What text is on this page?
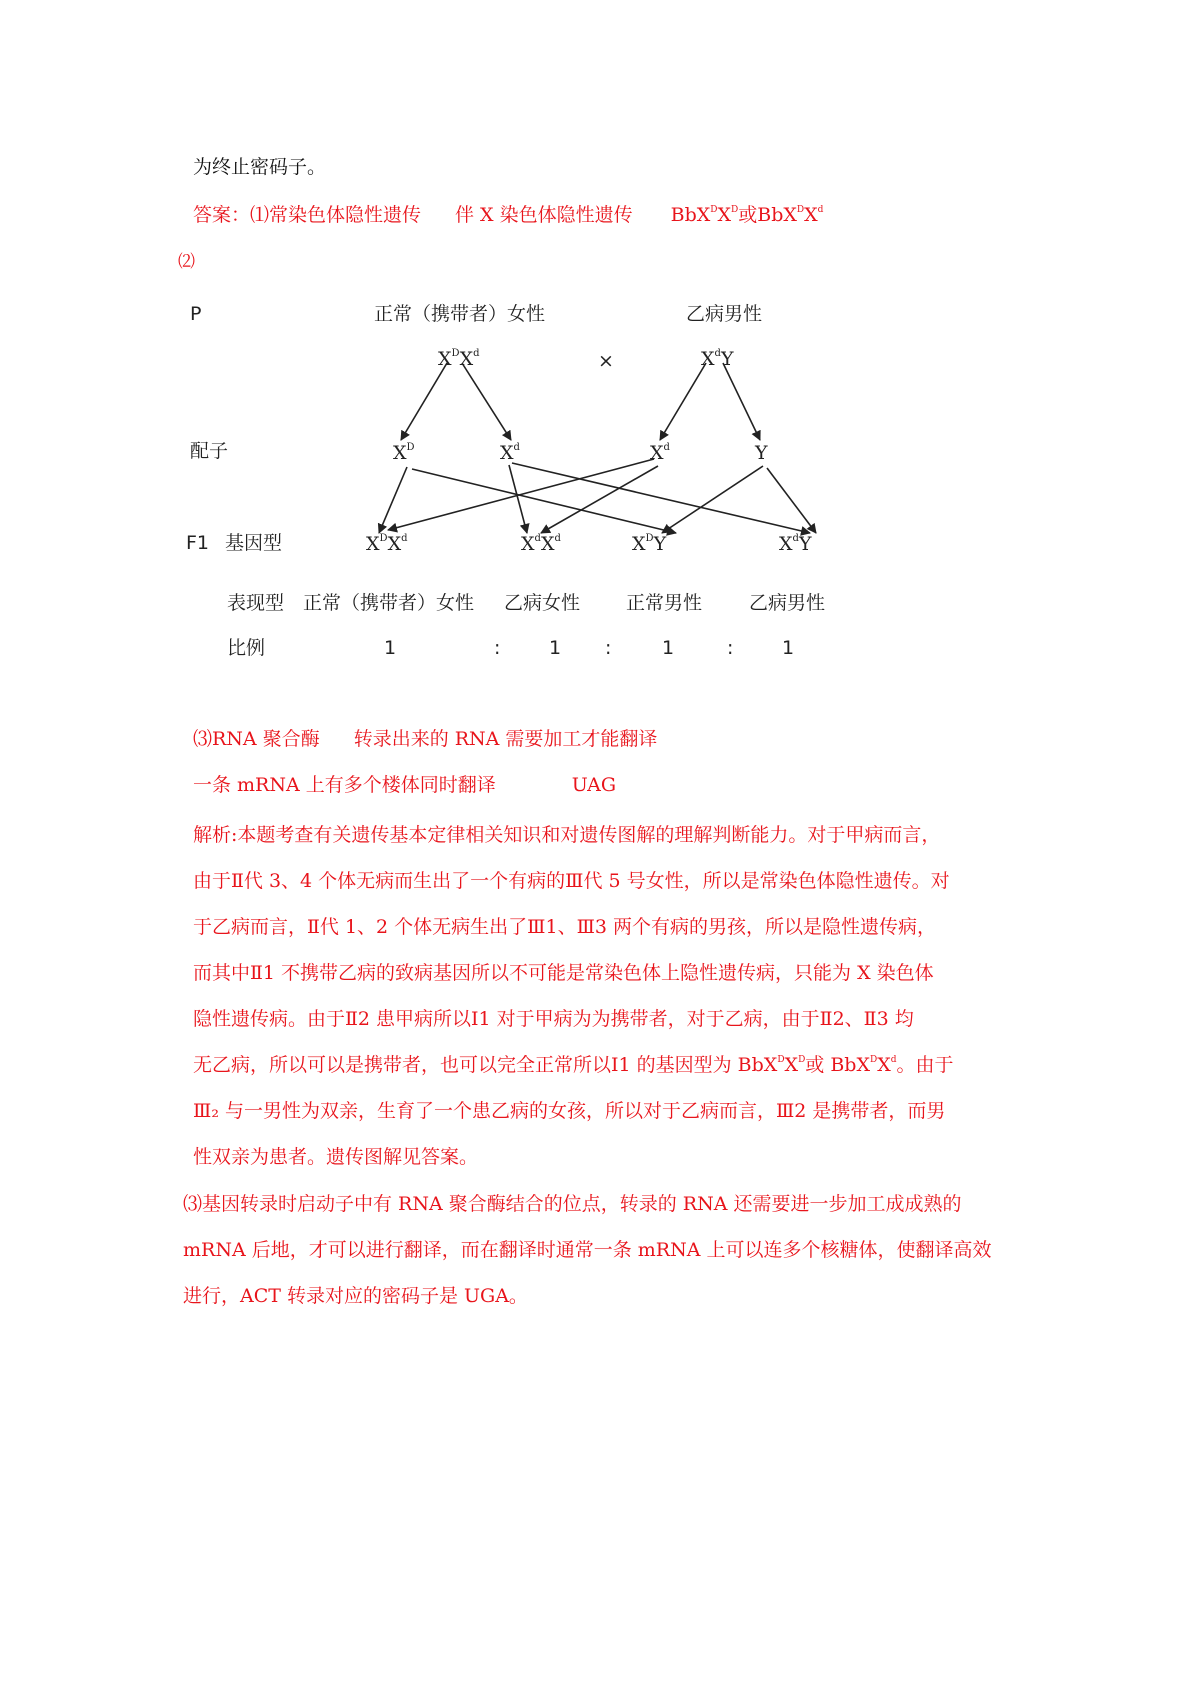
为终止密码子。
答案：⑴常染色体隐性遗传 伴 X 染色体隐性遗传 $BbX^DX^D$或$BbX^DX^d$
⑵
P	正常（携带者）女性	乙病男性
$X^DX^d$	×	$X^dY$
配子	$X^D$	$X^d$	$X^d$	Y
F1 基因型	$X^DX^d$	$X^dX^d$	$X^DY$	$X^dY$
表现型 正常（携带者）女性 乙病女性 正常男性 乙病男性
比例	1	:	1 :	1	:	1
⑶RNA 聚合酶 转录出来的 RNA 需要加工才能翻译
一条 mRNA 上有多个楼体同时翻译	UAG
解析:本题考查有关遗传基本定律相关知识和对遗传图解的理解判断能力。对于甲病而言，
由于Ⅱ代 3、4 个体无病而生出了一个有病的Ⅲ代 5 号女性，所以是常染色体隐性遗传。对
于乙病而言，Ⅱ代 1、2 个体无病生出了Ⅲ1、Ⅲ3 两个有病的男孩，所以是隐性遗传病，
而其中Ⅱ1 不携带乙病的致病基因所以不可能是常染色体上隐性遗传病，只能为 X 染色体
隐性遗传病。由于Ⅱ2 患甲病所以Ⅰ1 对于甲病为为携带者，对于乙病，由于Ⅱ2、Ⅱ3 均
无乙病，所以可以是携带者，也可以完全正常所以Ⅰ1 的基因型为 $BbX^DX^D$或 $BbX^DX^d$。由于
Ⅲ₂ 与一男性为双亲，生育了一个患乙病的女孩，所以对于乙病而言，Ⅲ2 是携带者，而男
性双亲为患者。遗传图解见答案。
⑶基因转录时启动子中有 RNA 聚合酶结合的位点，转录的 RNA 还需要进一步加工成成熟的
mRNA 后地，才可以进行翻译，而在翻译时通常一条 mRNA 上可以连多个核糖体，使翻译高效
进行，ACT 转录对应的密码子是 UGA。
